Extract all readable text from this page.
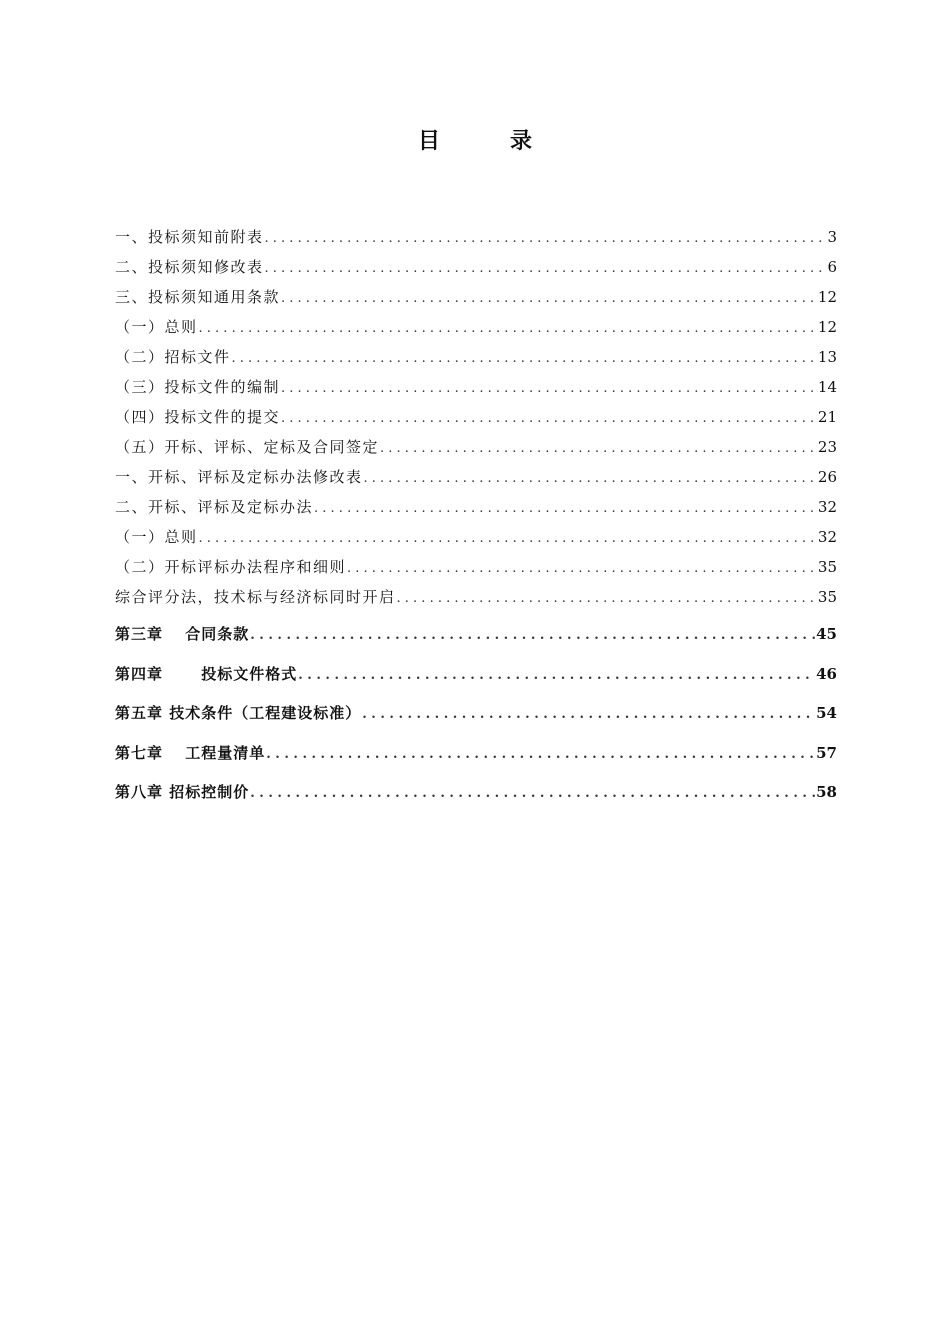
目　录
一、投标须知前附表 . . .	3
二、投标须知修改表 . . .	6
三、投标须知通用条款 . . .	12
（一）总则 . . .	12
（二）招标文件 . . .	13
（三）投标文件的编制 . . .	14
（四）投标文件的提交 . . .	21
（五）开标、评标、定标及合同签定 . . .	23
一、开标、评标及定标办法修改表 . . .	26
二、开标、评标及定标办法 . . .	32
（一）总则 . . .	32
（二）开标评标办法程序和细则 . . .	35
综合评分法，技术标与经济标同时开启 . . .	35
第三章　 合同条款 . . .	45
第四章　　 投标文件格式 . . .	46
第五章 技术条件（工程建设标准） . . .	54
第七章　 工程量清单 . . .	57
第八章 招标控制价 . . .	58
